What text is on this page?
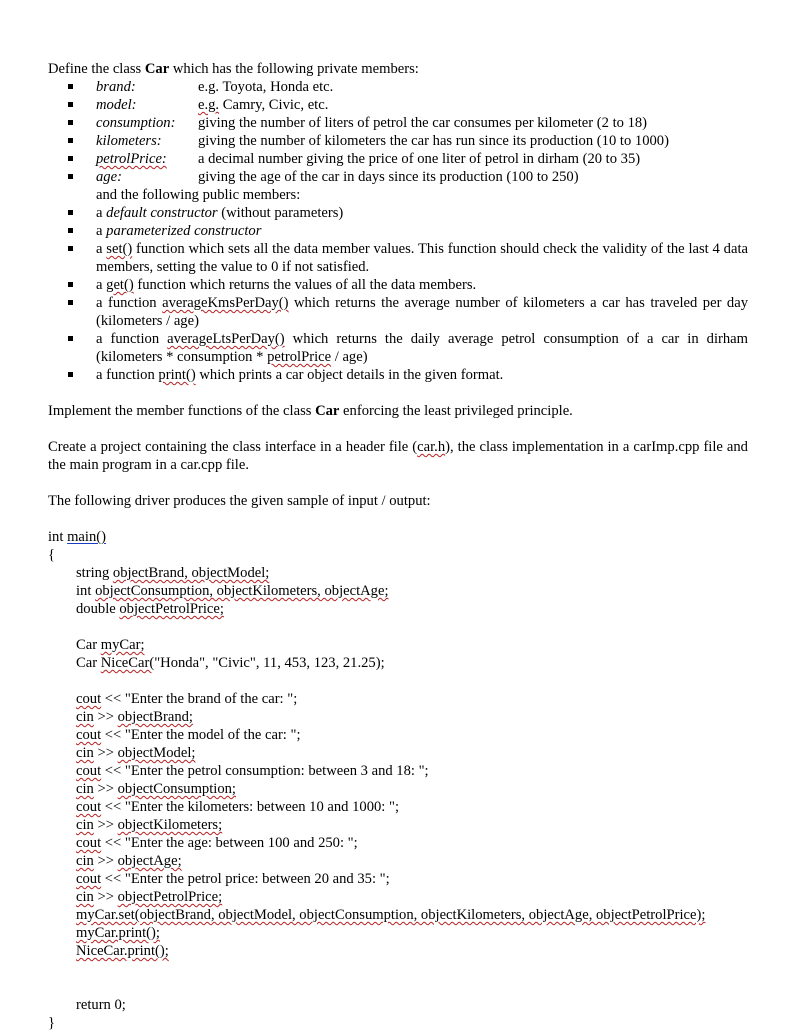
Define the class Car which has the following private members:

brand:	e.g. Toyota, Honda etc.
model:	e.g. Camry, Civic, etc.
consumption:	giving the number of liters of petrol the car consumes per kilometer (2 to 18)
kilometers:	giving the number of kilometers the car has run since its production (10 to 1000)
petrolPrice:	a decimal number giving the price of one liter of petrol in dirham (20 to 35)
age:	giving the age of the car in days since its production (100 to 250)

and the following public members:

a default constructor (without parameters)
a parameterized constructor
a set() function which sets all the data member values. This function should check the validity of the last 4 data members, setting the value to 0 if not satisfied.
a get() function which returns the values of all the data members.
a function averageKmsPerDay() which returns the average number of kilometers a car has traveled per day (kilometers / age)
a function averageLtsPerDay() which returns the daily average petrol consumption of a car in dirham (kilometers * consumption * petrolPrice / age)
a function print() which prints a car object details in the given format.

Implement the member functions of the class Car enforcing the least privileged principle.

Create a project containing the class interface in a header file (car.h), the class implementation in a carImp.cpp file and the main program in a car.cpp file.

The following driver produces the given sample of input / output:

int main()
{
string objectBrand, objectModel;
int objectConsumption, objectKilometers, objectAge;
double objectPetrolPrice;
Car myCar;
Car NiceCar("Honda", "Civic", 11, 453, 123, 21.25);
cout << "Enter the brand of the car: ";
cin >> objectBrand;
cout << "Enter the model of the car: ";
cin >> objectModel;
cout << "Enter the petrol consumption: between 3 and 18: ";
cin >> objectConsumption;
cout << "Enter the kilometers: between 10 and 1000: ";
cin >> objectKilometers;
cout << "Enter the age: between 100 and 250: ";
cin >> objectAge;
cout << "Enter the petrol price: between 20 and 35: ";
cin >> objectPetrolPrice;
myCar.set(objectBrand, objectModel, objectConsumption, objectKilometers, objectAge, objectPetrolPrice);
myCar.print();
NiceCar.print();
return 0;
}
